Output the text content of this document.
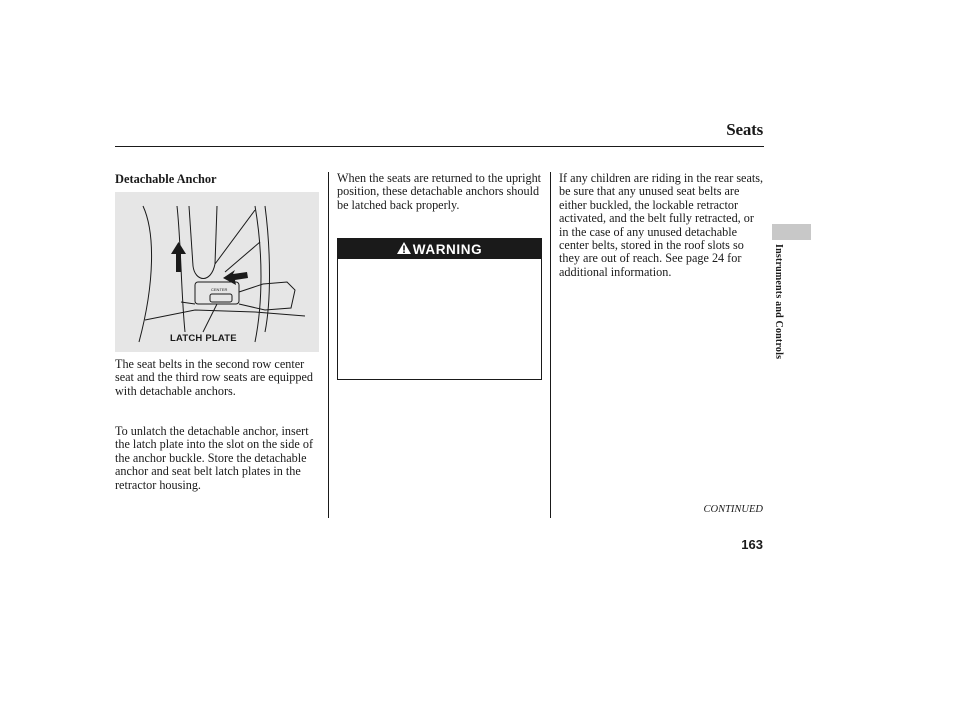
Seats
Detachable Anchor
CENTER
LATCH PLATE
The seat belts in the second row center seat and the third row seats are equipped with detachable anchors.
To unlatch the detachable anchor, insert the latch plate into the slot on the side of the anchor buckle. Store the detachable anchor and seat belt latch plates in the retractor housing.
When the seats are returned to the upright position, these detachable anchors should be latched back properly.
WARNING
If any children are riding in the rear seats, be sure that any unused seat belts are either buckled, the lockable retractor activated, and the belt fully retracted, or in the case of any unused detachable center belts, stored in the roof slots so they are out of reach. See page 24 for additional information.	Instruments and Controls
CONTINUED
163
